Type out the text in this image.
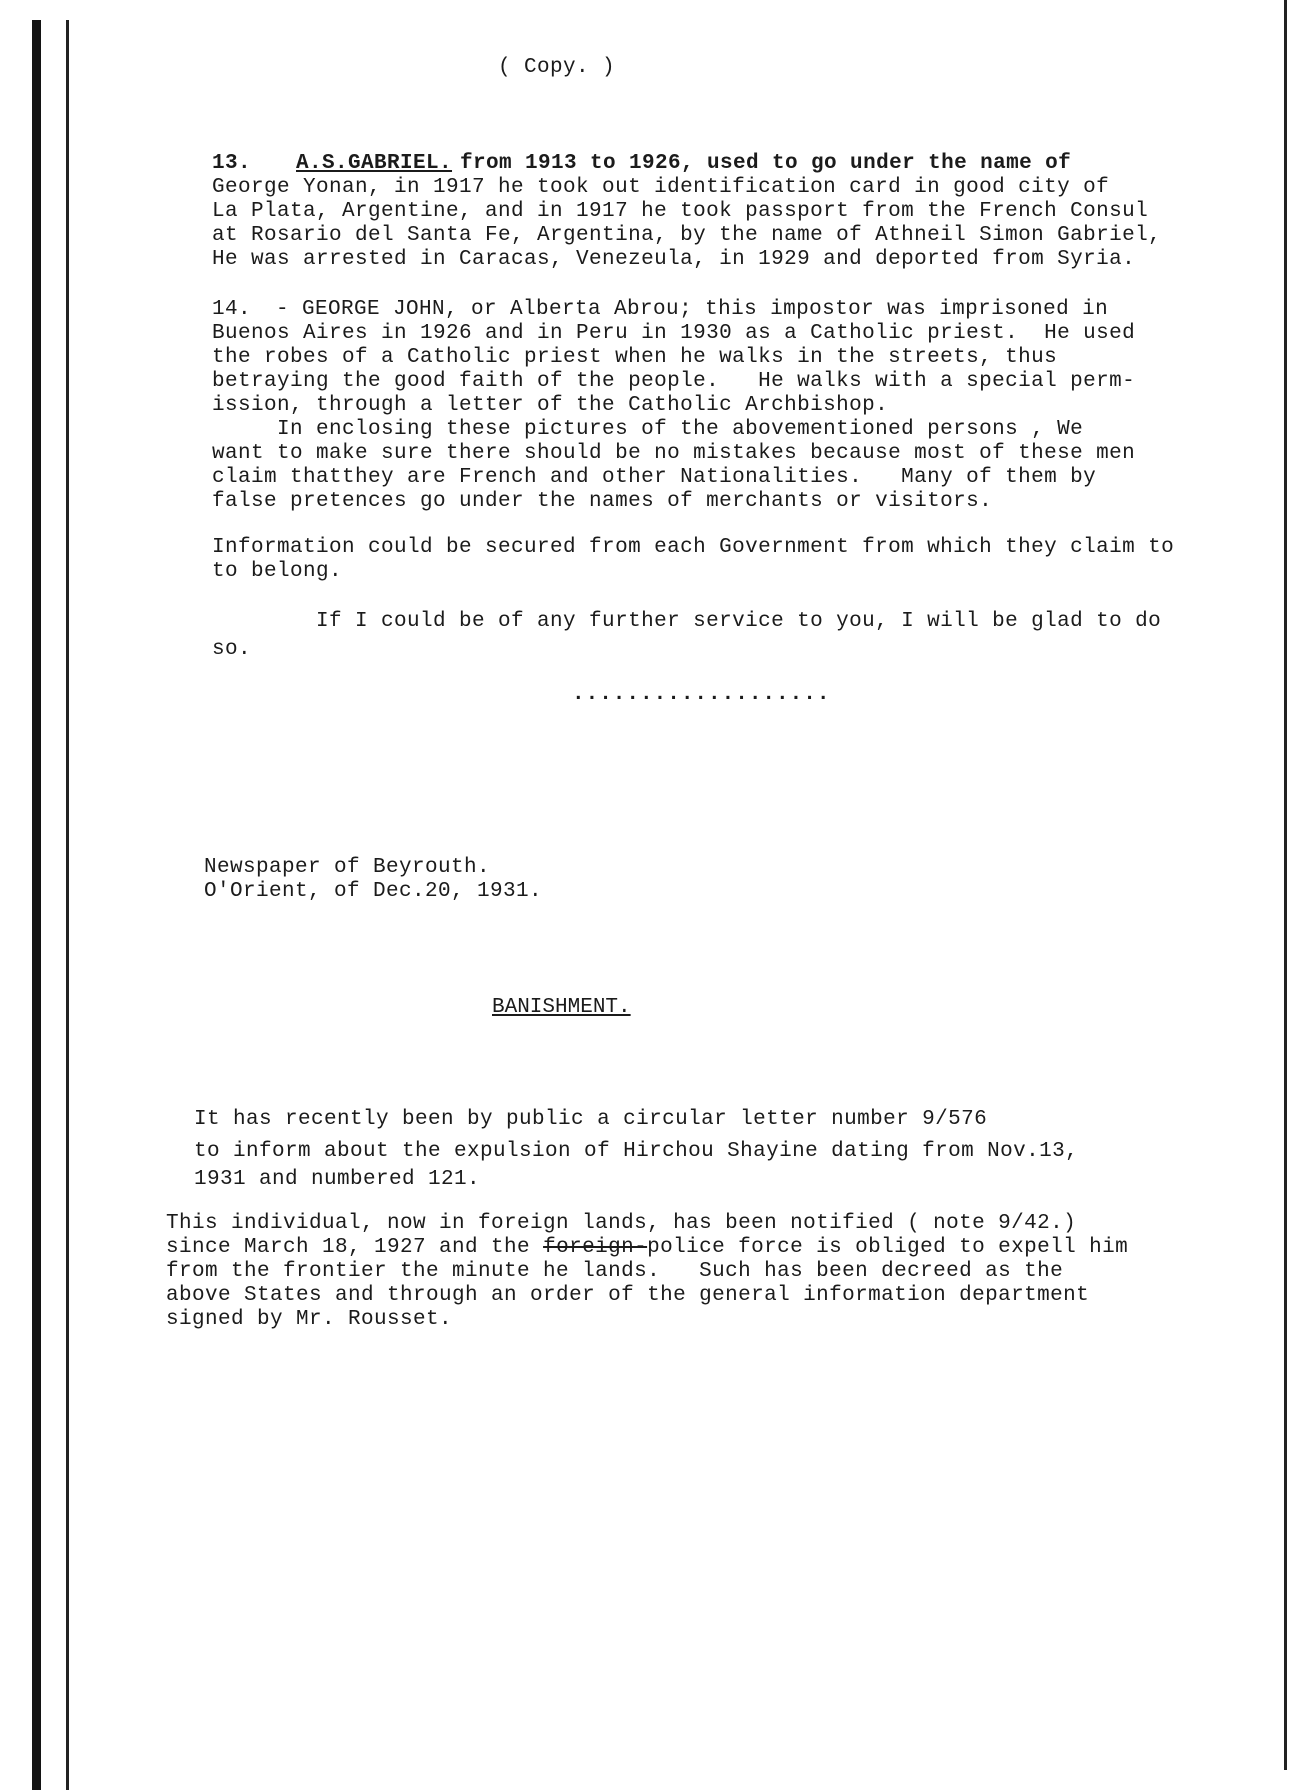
( Copy. )
13. A.S.GABRIEL. from 1913 to 1926, used to go under the name of
George Yonan, in 1917 he took out identification card in good city of
La Plata, Argentine, and in 1917 he took passport from the French Consul
at Rosario del Santa Fe, Argentina, by the name of Athneil Simon Gabriel,
He was arrested in Caracas, Venezeula, in 1929 and deported from Syria.
14. - GEORGE JOHN, or Alberta Abrou; this impostor was imprisoned in
Buenos Aires in 1926 and in Peru in 1930 as a Catholic priest.  He used
the robes of a Catholic priest when he walks in the streets, thus
betraying the good faith of the people.   He walks with a special perm-
ission, through a letter of the Catholic Archbishop.
In enclosing these pictures of the abovementioned persons , We
want to make sure there should be no mistakes because most of these men
claim thatthey are French and other Nationalities.   Many of them by
false pretences go under the names of merchants or visitors.
Information could be secured from each Government from which they claim to
to belong.
If I could be of any further service to you, I will be glad to do
so.
...................
Newspaper of Beyrouth.
O'Orient, of Dec.20, 1931.
BANISHMENT.
It has recently been by public a circular letter number 9/576
to inform about the expulsion of Hirchou Shayine dating from Nov.13,
1931 and numbered 121.
This individual, now in foreign lands, has been notified ( note 9/42.)
since March 18, 1927 and the foreign-police force is obliged to expell him
from the frontier the minute he lands.   Such has been decreed as the
above States and through an order of the general information department
signed by Mr. Rousset.
